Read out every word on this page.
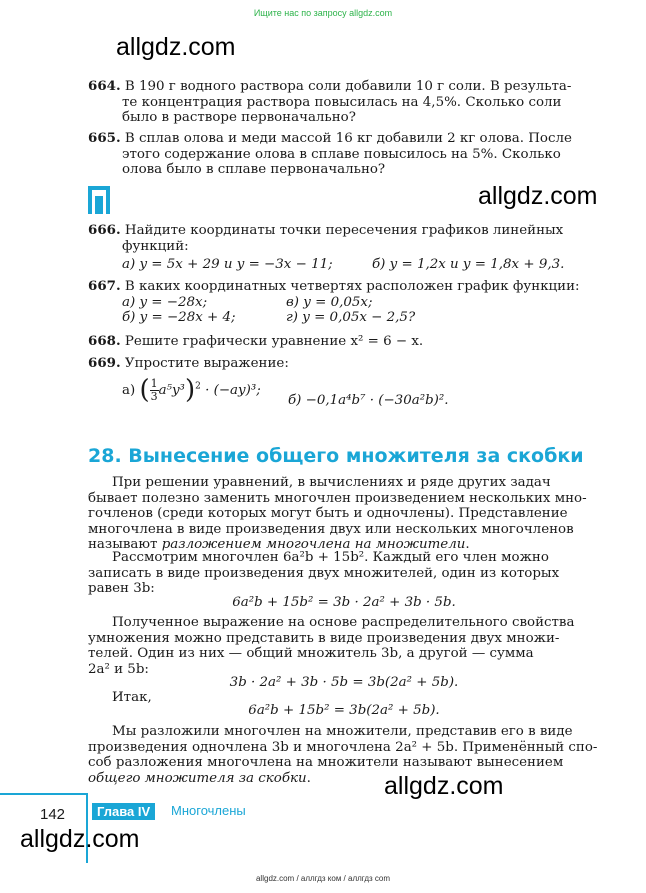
Ищите нас по запросу allgdz.com
allgdz.com
allgdz.com
664. В 190 г водного раствора соли добавили 10 г соли. В результа-
те концентрация раствора повысилась на 4,5%. Сколько соли
было в растворе первоначально?
665. В сплав олова и меди массой 16 кг добавили 2 кг олова. После
этого содержание олова в сплаве повысилось на 5%. Сколько
олова было в сплаве первоначально?
666. Найдите координаты точки пересечения графиков линейных
функций:
а) y = 5x + 29 и y = −3x − 11;	б) y = 1,2x и y = 1,8x + 9,3.
667. В каких координатных четвертях расположен график функции:
а) y = −28x;	в) y = 0,05x;
б) y = −28x + 4;	г) y = 0,05x − 2,5?
668. Решите графически уравнение x² = 6 − x.
669. Упростите выражение:
а) ( $\frac{1}{3} a^5y^3)^2 \cdot (-ay)^3$;
б) −0,1a⁴b⁷ · (−30a²b)².
28. Вынесение общего множителя за скобки
При решении уравнений, в вычислениях и ряде других задач
бывает полезно заменить многочлен произведением нескольких мно-
гочленов (среди которых могут быть и одночлены). Представление
многочлена в виде произведения двух или нескольких многочленов
называют разложением многочлена на множители.
Рассмотрим многочлен 6a²b + 15b². Каждый его член можно
записать в виде произведения двух множителей, один из которых
равен 3b:
6a²b + 15b² = 3b · 2a² + 3b · 5b.
Полученное выражение на основе распределительного свойства
умножения можно представить в виде произведения двух множи-
телей. Один из них — общий множитель 3b, а другой — сумма
2a² и 5b:
3b · 2a² + 3b · 5b = 3b(2a² + 5b).
Итак,
6a²b + 15b² = 3b(2a² + 5b).
Мы разложили многочлен на множители, представив его в виде
произведения одночлена 3b и многочлена 2a² + 5b. Применённый спо-
соб разложения многочлена на множители называют вынесением
общего множителя за скобки.	allgdz.com
142	Глава IV	Многочлены
allgdz.com
allgdz.com / аллгдз ком / аллгдз com
